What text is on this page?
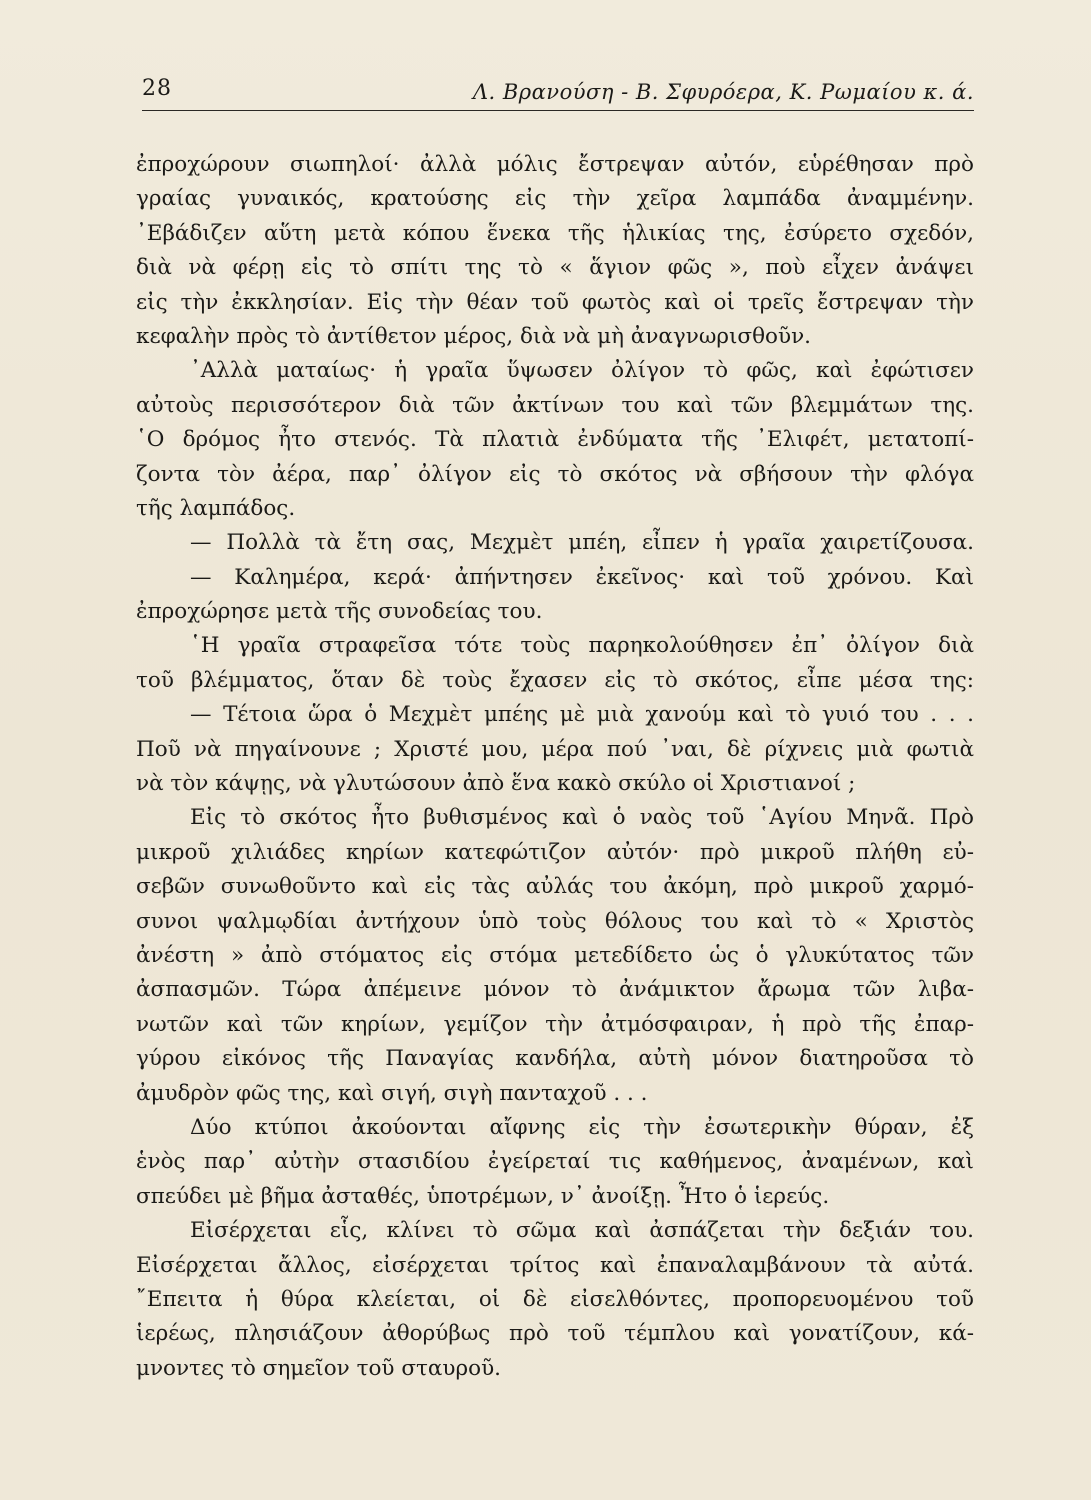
28	Λ. Βρανούση - Β. Σφυρόερα, Κ. Ρωμαίου κ. ά.
ἐπροχώρουν σιωπηλοί· ἀλλὰ μόλις ἔστρεψαν αὐτόν, εὑρέθησαν πρὸ
γραίας γυναικός, κρατούσης εἰς τὴν χεῖρα λαμπάδα ἀναμμένην.
᾿Εβάδιζεν αὕτη μετὰ κόπου ἕνεκα τῆς ἡλικίας της, ἐσύρετο σχεδόν,
διὰ νὰ φέρῃ εἰς τὸ σπίτι της τὸ « ἅγιον φῶς », ποὺ εἶχεν ἀνάψει
εἰς τὴν ἐκκλησίαν. Εἰς τὴν θέαν τοῦ φωτὸς καὶ οἱ τρεῖς ἔστρεψαν τὴν
κεφαλὴν πρὸς τὸ ἀντίθετον μέρος, διὰ νὰ μὴ ἀναγνωρισθοῦν.
᾿Αλλὰ ματαίως· ἡ γραῖα ὕψωσεν ὀλίγον τὸ φῶς, καὶ ἐφώτισεν
αὐτοὺς περισσότερον διὰ τῶν ἀκτίνων του καὶ τῶν βλεμμάτων της.
῾Ο δρόμος ἦτο στενός. Τὰ πλατιὰ ἐνδύματα τῆς ᾿Ελιφέτ, μετατοπί-
ζοντα τὸν ἀέρα, παρ᾿ ὀλίγον εἰς τὸ σκότος νὰ σβήσουν τὴν φλόγα
τῆς λαμπάδος.
— Πολλὰ τὰ ἔτη σας, Μεχμὲτ μπέη, εἶπεν ἡ γραῖα χαιρετίζουσα.
— Καλημέρα, κερά· ἀπήντησεν ἐκεῖνος· καὶ τοῦ χρόνου. Καὶ
ἐπροχώρησε μετὰ τῆς συνοδείας του.
῾Η γραῖα στραφεῖσα τότε τοὺς παρηκολούθησεν ἐπ᾿ ὀλίγον διὰ
τοῦ βλέμματος, ὅταν δὲ τοὺς ἔχασεν εἰς τὸ σκότος, εἶπε μέσα της:
— Τέτοια ὥρα ὁ Μεχμὲτ μπέης μὲ μιὰ χανούμ καὶ τὸ γυιό του . . .
Ποῦ νὰ πηγαίνουνε ; Χριστέ μου, μέρα πού ᾿ναι, δὲ ρίχνεις μιὰ φωτιὰ
νὰ τὸν κάψῃς, νὰ γλυτώσουν ἀπὸ ἕνα κακὸ σκύλο οἱ Χριστιανοί ;
Εἰς τὸ σκότος ἦτο βυθισμένος καὶ ὁ ναὸς τοῦ ῾Αγίου Μηνᾶ. Πρὸ
μικροῦ χιλιάδες κηρίων κατεφώτιζον αὐτόν· πρὸ μικροῦ πλήθη εὐ-
σεβῶν συνωθοῦντο καὶ εἰς τὰς αὐλάς του ἀκόμη, πρὸ μικροῦ χαρμό-
συνοι ψαλμῳδίαι ἀντήχουν ὑπὸ τοὺς θόλους του καὶ τὸ « Χριστὸς
ἀνέστη » ἀπὸ στόματος εἰς στόμα μετεδίδετο ὡς ὁ γλυκύτατος τῶν
ἀσπασμῶν. Τώρα ἀπέμεινε μόνον τὸ ἀνάμικτον ἄρωμα τῶν λιβα-
νωτῶν καὶ τῶν κηρίων, γεμίζον τὴν ἀτμόσφαιραν, ἡ πρὸ τῆς ἐπαρ-
γύρου εἰκόνος τῆς Παναγίας κανδήλα, αὐτὴ μόνον διατηροῦσα τὸ
ἀμυδρὸν φῶς της, καὶ σιγή, σιγὴ πανταχοῦ . . .
Δύο κτύποι ἀκούονται αἴφνης εἰς τὴν ἐσωτερικὴν θύραν, ἐξ
ἑνὸς παρ᾿ αὐτὴν στασιδίου ἐγείρεταί τις καθήμενος, ἀναμένων, καὶ
σπεύδει μὲ βῆμα ἀσταθές, ὑποτρέμων, ν᾿ ἀνοίξῃ. Ἦτο ὁ ἱερεύς.
Εἰσέρχεται εἷς, κλίνει τὸ σῶμα καὶ ἀσπάζεται τὴν δεξιάν του.
Εἰσέρχεται ἄλλος, εἰσέρχεται τρίτος καὶ ἐπαναλαμβάνουν τὰ αὐτά.
῎Επειτα ἡ θύρα κλείεται, οἱ δὲ εἰσελθόντες, προπορευομένου τοῦ
ἱερέως, πλησιάζουν ἀθορύβως πρὸ τοῦ τέμπλου καὶ γονατίζουν, κά-
μνοντες τὸ σημεῖον τοῦ σταυροῦ.
